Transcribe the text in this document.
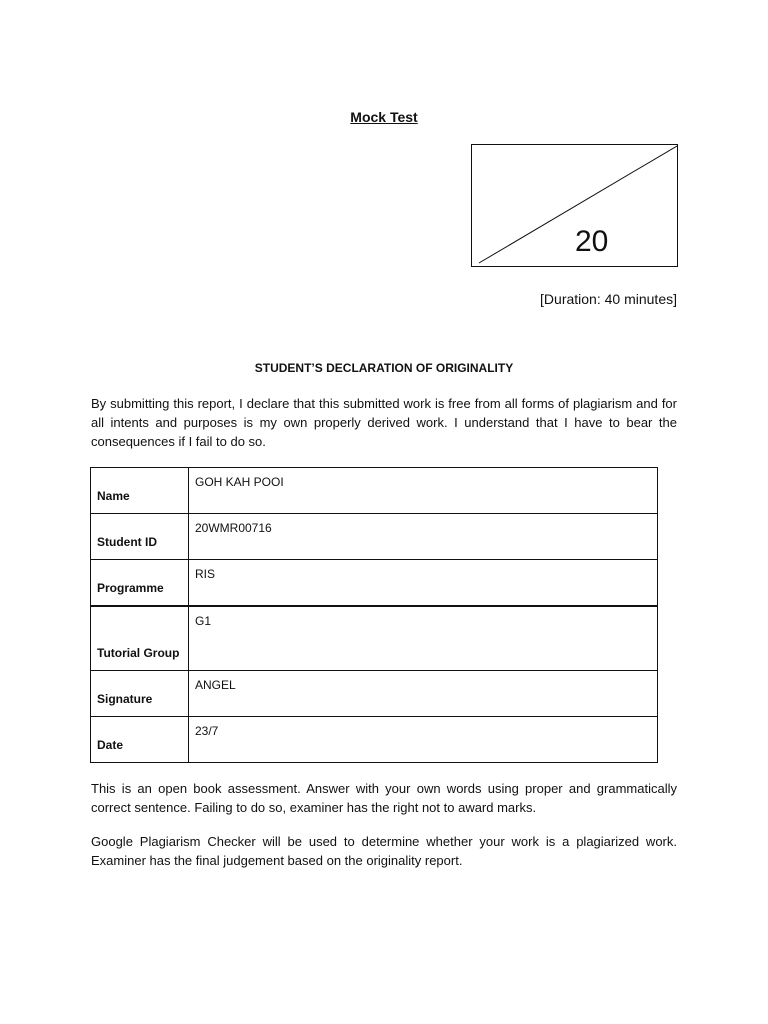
Mock Test
20
[Duration: 40 minutes]
STUDENT’S DECLARATION OF ORIGINALITY

By submitting this report, I declare that this submitted work is free from all forms of plagiarism and for all intents and purposes is my own properly derived work. I understand that I have to bear the consequences if I fail to do so.

Name	GOH KAH POOI
Student ID	20WMR00716
Programme	RIS
Tutorial Group	G1
Signature	ANGEL
Date	23/7

This is an open book assessment. Answer with your own words using proper and grammatically correct sentence. Failing to do so, examiner has the right not to award marks.

Google Plagiarism Checker will be used to determine whether your work is a plagiarized work. Examiner has the final judgement based on the originality report.
